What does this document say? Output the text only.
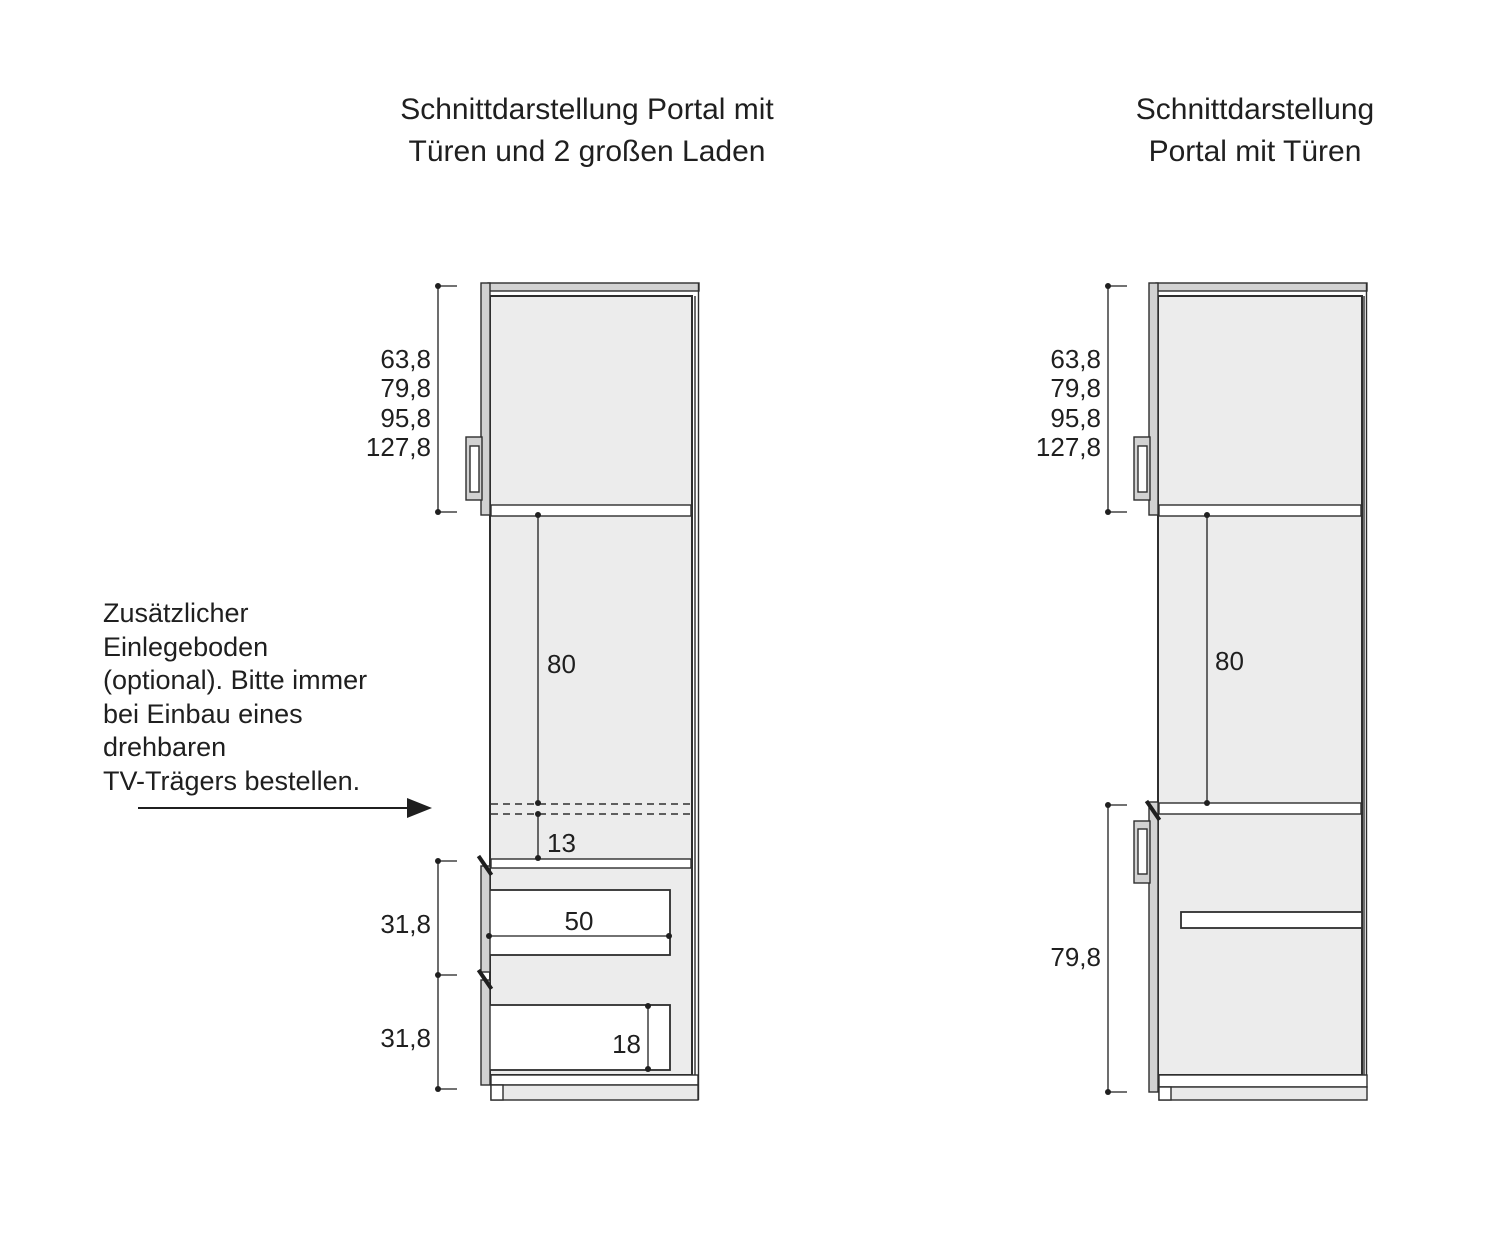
Schnittdarstellung Portal mit
Türen und 2 großen Laden
Schnittdarstellung
Portal mit Türen
63,8
79,8
95,8
127,8
80
13
31,8
31,8
50
18
Zusätzlicher
Einlegeboden
(optional). Bitte immer
bei Einbau eines
drehbaren
TV-Trägers bestellen.
63,8
79,8
95,8
127,8
80
79,8
